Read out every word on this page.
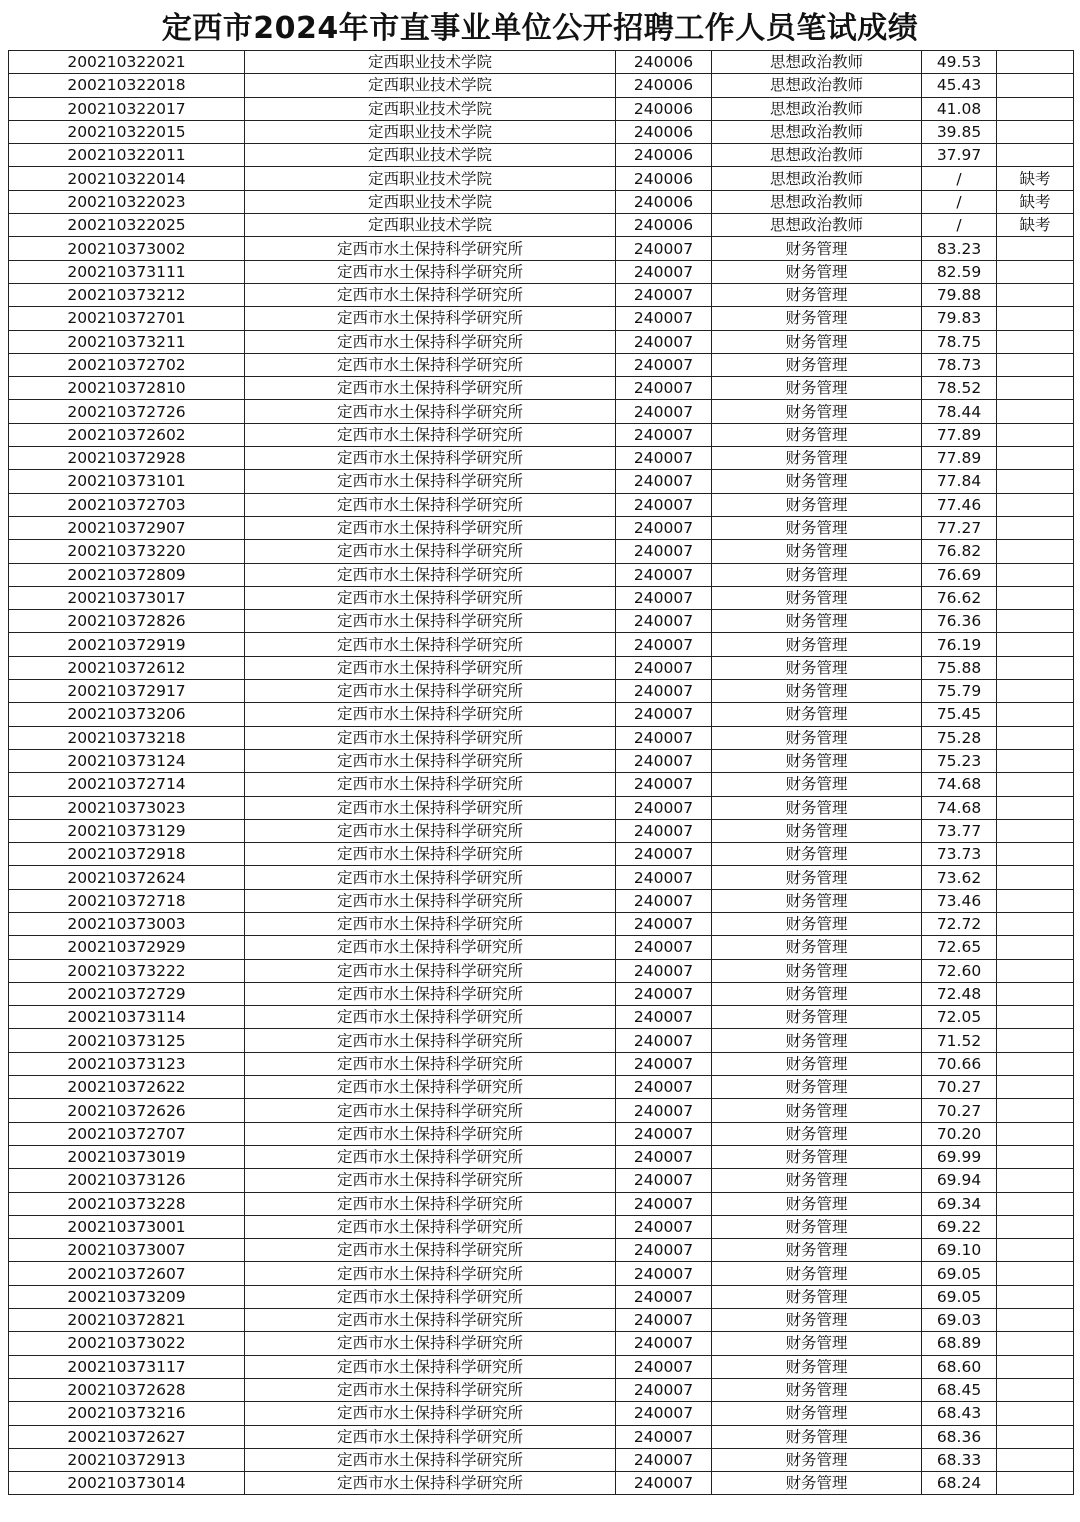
定西市2024年市直事业单位公开招聘工作人员笔试成绩
200210322021	定西职业技术学院	240006	思想政治教师	49.53	
200210322018	定西职业技术学院	240006	思想政治教师	45.43	
200210322017	定西职业技术学院	240006	思想政治教师	41.08	
200210322015	定西职业技术学院	240006	思想政治教师	39.85	
200210322011	定西职业技术学院	240006	思想政治教师	37.97	
200210322014	定西职业技术学院	240006	思想政治教师	/	缺考
200210322023	定西职业技术学院	240006	思想政治教师	/	缺考
200210322025	定西职业技术学院	240006	思想政治教师	/	缺考
200210373002	定西市水土保持科学研究所	240007	财务管理	83.23	
200210373111	定西市水土保持科学研究所	240007	财务管理	82.59	
200210373212	定西市水土保持科学研究所	240007	财务管理	79.88	
200210372701	定西市水土保持科学研究所	240007	财务管理	79.83	
200210373211	定西市水土保持科学研究所	240007	财务管理	78.75	
200210372702	定西市水土保持科学研究所	240007	财务管理	78.73	
200210372810	定西市水土保持科学研究所	240007	财务管理	78.52	
200210372726	定西市水土保持科学研究所	240007	财务管理	78.44	
200210372602	定西市水土保持科学研究所	240007	财务管理	77.89	
200210372928	定西市水土保持科学研究所	240007	财务管理	77.89	
200210373101	定西市水土保持科学研究所	240007	财务管理	77.84	
200210372703	定西市水土保持科学研究所	240007	财务管理	77.46	
200210372907	定西市水土保持科学研究所	240007	财务管理	77.27	
200210373220	定西市水土保持科学研究所	240007	财务管理	76.82	
200210372809	定西市水土保持科学研究所	240007	财务管理	76.69	
200210373017	定西市水土保持科学研究所	240007	财务管理	76.62	
200210372826	定西市水土保持科学研究所	240007	财务管理	76.36	
200210372919	定西市水土保持科学研究所	240007	财务管理	76.19	
200210372612	定西市水土保持科学研究所	240007	财务管理	75.88	
200210372917	定西市水土保持科学研究所	240007	财务管理	75.79	
200210373206	定西市水土保持科学研究所	240007	财务管理	75.45	
200210373218	定西市水土保持科学研究所	240007	财务管理	75.28	
200210373124	定西市水土保持科学研究所	240007	财务管理	75.23	
200210372714	定西市水土保持科学研究所	240007	财务管理	74.68	
200210373023	定西市水土保持科学研究所	240007	财务管理	74.68	
200210373129	定西市水土保持科学研究所	240007	财务管理	73.77	
200210372918	定西市水土保持科学研究所	240007	财务管理	73.73	
200210372624	定西市水土保持科学研究所	240007	财务管理	73.62	
200210372718	定西市水土保持科学研究所	240007	财务管理	73.46	
200210373003	定西市水土保持科学研究所	240007	财务管理	72.72	
200210372929	定西市水土保持科学研究所	240007	财务管理	72.65	
200210373222	定西市水土保持科学研究所	240007	财务管理	72.60	
200210372729	定西市水土保持科学研究所	240007	财务管理	72.48	
200210373114	定西市水土保持科学研究所	240007	财务管理	72.05	
200210373125	定西市水土保持科学研究所	240007	财务管理	71.52	
200210373123	定西市水土保持科学研究所	240007	财务管理	70.66	
200210372622	定西市水土保持科学研究所	240007	财务管理	70.27	
200210372626	定西市水土保持科学研究所	240007	财务管理	70.27	
200210372707	定西市水土保持科学研究所	240007	财务管理	70.20	
200210373019	定西市水土保持科学研究所	240007	财务管理	69.99	
200210373126	定西市水土保持科学研究所	240007	财务管理	69.94	
200210373228	定西市水土保持科学研究所	240007	财务管理	69.34	
200210373001	定西市水土保持科学研究所	240007	财务管理	69.22	
200210373007	定西市水土保持科学研究所	240007	财务管理	69.10	
200210372607	定西市水土保持科学研究所	240007	财务管理	69.05	
200210373209	定西市水土保持科学研究所	240007	财务管理	69.05	
200210372821	定西市水土保持科学研究所	240007	财务管理	69.03	
200210373022	定西市水土保持科学研究所	240007	财务管理	68.89	
200210373117	定西市水土保持科学研究所	240007	财务管理	68.60	
200210372628	定西市水土保持科学研究所	240007	财务管理	68.45	
200210373216	定西市水土保持科学研究所	240007	财务管理	68.43	
200210372627	定西市水土保持科学研究所	240007	财务管理	68.36	
200210372913	定西市水土保持科学研究所	240007	财务管理	68.33	
200210373014	定西市水土保持科学研究所	240007	财务管理	68.24	
